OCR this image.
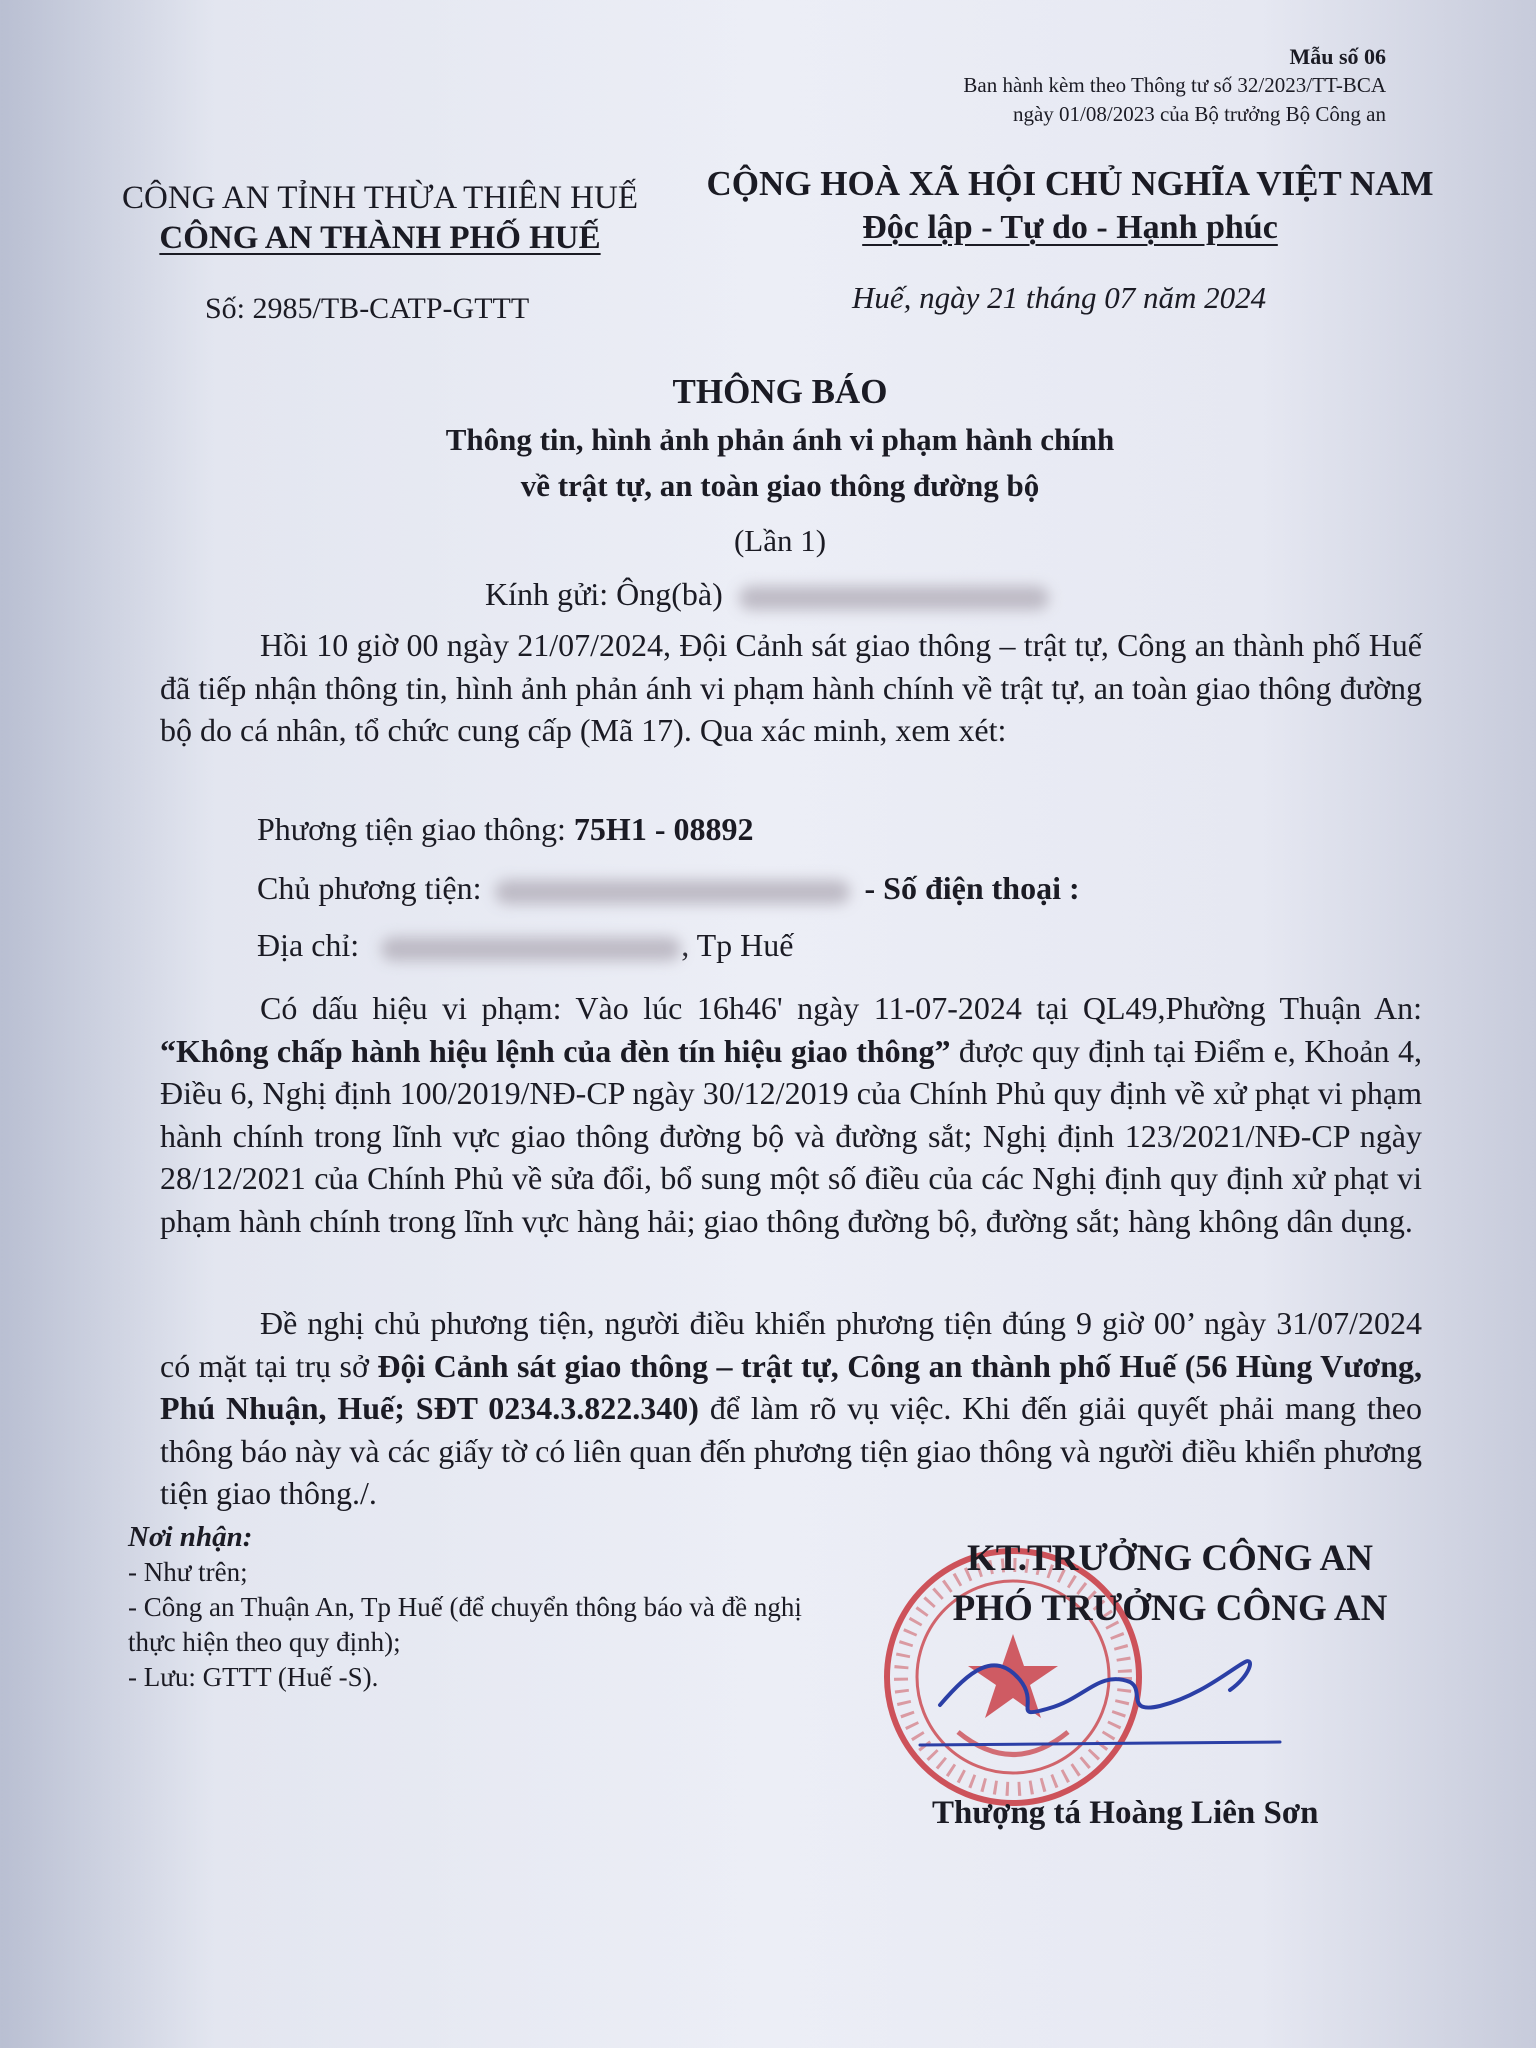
Mẫu số 06
Ban hành kèm theo Thông tư số 32/2023/TT-BCA
ngày 01/08/2023 của Bộ trưởng Bộ Công an
CÔNG AN TỈNH THỪA THIÊN HUẾ
CÔNG AN THÀNH PHỐ HUẾ
CỘNG HOÀ XÃ HỘI CHỦ NGHĨA VIỆT NAM
Độc lập - Tự do - Hạnh phúc
Số: 2985/TB-CATP-GTTT	Huế, ngày 21 tháng 07 năm 2024
THÔNG BÁO
Thông tin, hình ảnh phản ánh vi phạm hành chính
về trật tự, an toàn giao thông đường bộ
(Lần 1)
Kính gửi: Ông(bà)

Hồi 10 giờ 00 ngày 21/07/2024, Đội Cảnh sát giao thông – trật tự, Công an thành phố Huế đã tiếp nhận thông tin, hình ảnh phản ánh vi phạm hành chính về trật tự, an toàn giao thông đường bộ do cá nhân, tổ chức cung cấp (Mã 17). Qua xác minh, xem xét:

Phương tiện giao thông: 75H1 - 08892
Chủ phương tiện:	- Số điện thoại :
Địa chỉ:	, Tp Huế

Có dấu hiệu vi phạm: Vào lúc 16h46' ngày 11-07-2024 tại QL49,Phường Thuận An: “Không chấp hành hiệu lệnh của đèn tín hiệu giao thông” được quy định tại Điểm e, Khoản 4, Điều 6, Nghị định 100/2019/NĐ-CP ngày 30/12/2019 của Chính Phủ quy định về xử phạt vi phạm hành chính trong lĩnh vực giao thông đường bộ và đường sắt; Nghị định 123/2021/NĐ-CP ngày 28/12/2021 của Chính Phủ về sửa đổi, bổ sung một số điều của các Nghị định quy định xử phạt vi phạm hành chính trong lĩnh vực hàng hải; giao thông đường bộ, đường sắt; hàng không dân dụng.

Đề nghị chủ phương tiện, người điều khiển phương tiện đúng 9 giờ 00’ ngày 31/07/2024 có mặt tại trụ sở Đội Cảnh sát giao thông – trật tự, Công an thành phố Huế (56 Hùng Vương, Phú Nhuận, Huế; SĐT 0234.3.822.340) để làm rõ vụ việc. Khi đến giải quyết phải mang theo thông báo này và các giấy tờ có liên quan đến phương tiện giao thông và người điều khiển phương tiện giao thông./.

Nơi nhận:
- Như trên;
- Công an Thuận An, Tp Huế (để chuyển thông báo và đề nghị thực hiện theo quy định);
- Lưu: GTTT (Huế -S).
KT.TRƯỞNG CÔNG AN
PHÓ TRƯỞNG CÔNG AN
Thượng tá Hoàng Liên Sơn
